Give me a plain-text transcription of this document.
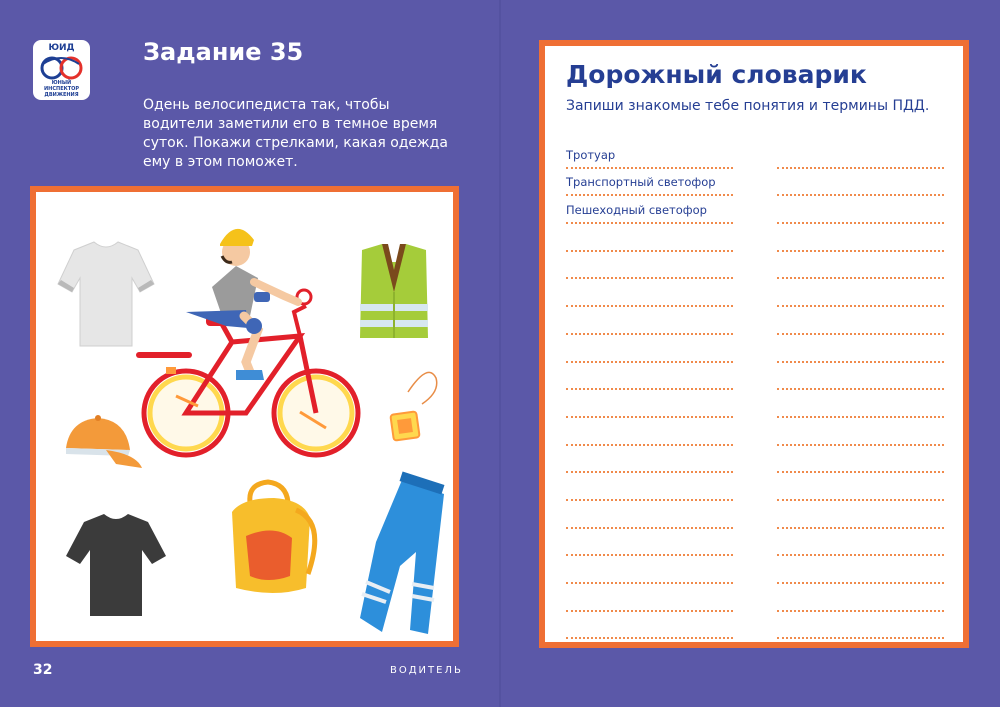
ЮИД
ЮНЫЙ
ИНСПЕКТОР
ДВИЖЕНИЯ
Задание 35
Одень велосипедиста так, чтобы водители заметили его в темное время суток. Покажи стрелками, какая одежда ему в этом поможет.
32	ВОДИТЕЛЬ
Дорожный словарик
Запиши знакомые тебе понятия и термины ПДД.
Тротуар
Транспортный светофор
Пешеходный светофор
